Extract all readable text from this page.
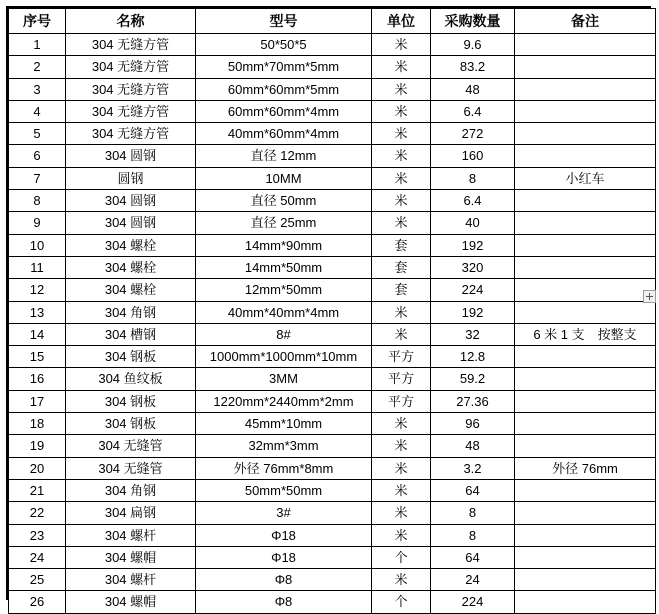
序号	名称	型号	单位	采购数量	备注
1	304 无缝方管	50*50*5	米	9.6	
2	304 无缝方管	50mm*70mm*5mm	米	83.2	
3	304 无缝方管	60mm*60mm*5mm	米	48	
4	304 无缝方管	60mm*60mm*4mm	米	6.4	
5	304 无缝方管	40mm*60mm*4mm	米	272	
6	304 圆钢	直径 12mm	米	160	
7	圆钢	10MM	米	8	小红车
8	304 圆钢	直径 50mm	米	6.4	
9	304 圆钢	直径 25mm	米	40	
10	304 螺栓	14mm*90mm	套	192	
11	304 螺栓	14mm*50mm	套	320	
12	304 螺栓	12mm*50mm	套	224	
13	304 角钢	40mm*40mm*4mm	米	192	
14	304 槽钢	8#	米	32	6 米 1 支　按整支
15	304 钢板	1000mm*1000mm*10mm	平方	12.8	
16	304 鱼纹板	3MM	平方	59.2	
17	304 钢板	1220mm*2440mm*2mm	平方	27.36	
18	304 钢板	45mm*10mm	米	96	
19	304 无缝管	32mm*3mm	米	48	
20	304 无缝管	外径 76mm*8mm	米	3.2	外径 76mm
21	304 角钢	50mm*50mm	米	64	
22	304 扁钢	3#	米	8	
23	304 螺杆	Φ18	米	8	
24	304 螺帽	Φ18	个	64	
25	304 螺杆	Φ8	米	24	
26	304 螺帽	Φ8	个	224	
